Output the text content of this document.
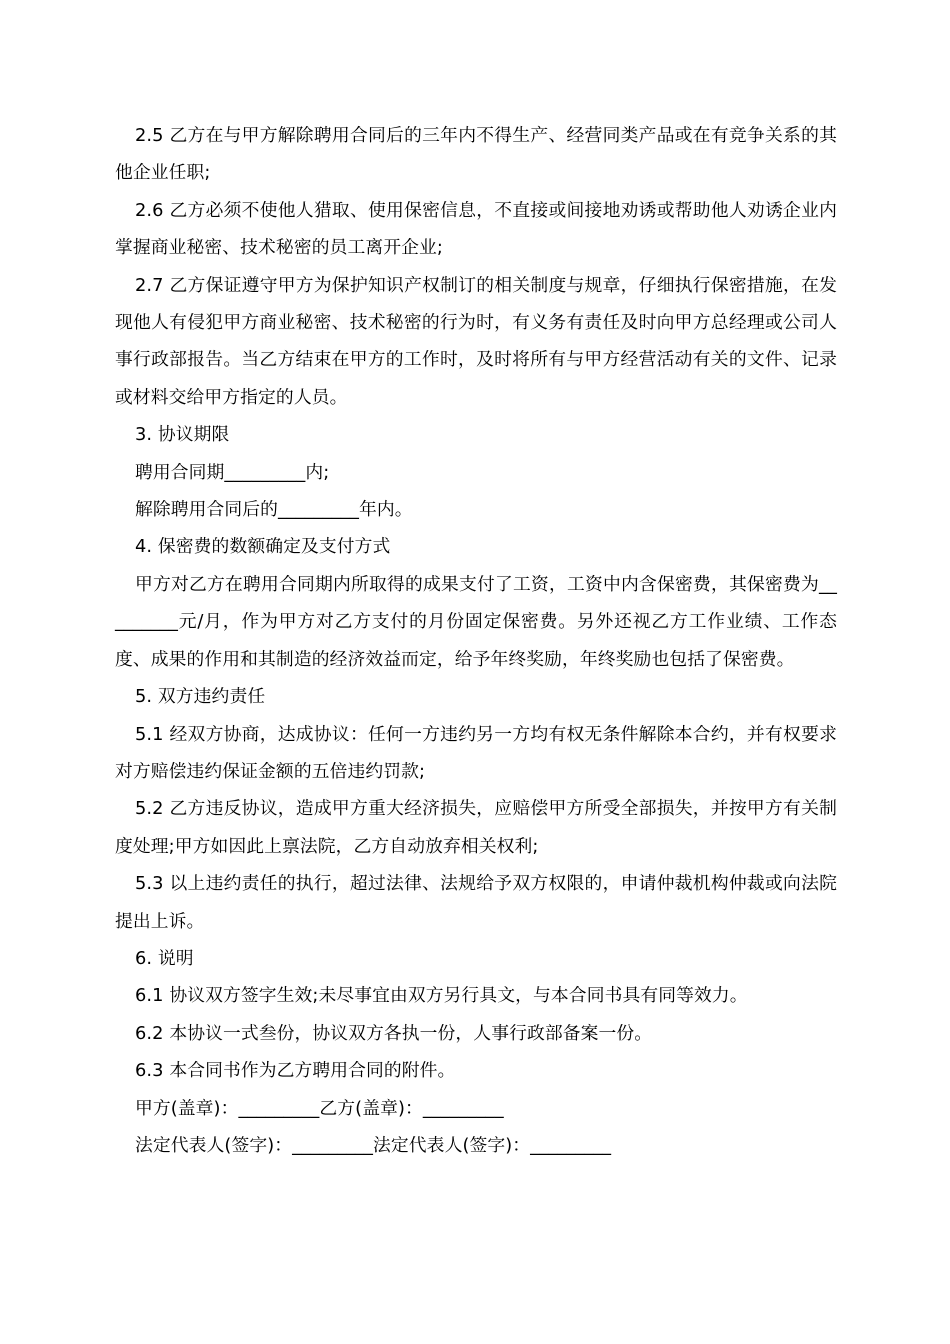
2.5 乙方在与甲方解除聘用合同后的三年内不得生产、经营同类产品或在有竞争关系的其他企业任职;

2.6 乙方必须不使他人猎取、使用保密信息，不直接或间接地劝诱或帮助他人劝诱企业内掌握商业秘密、技术秘密的员工离开企业;

2.7 乙方保证遵守甲方为保护知识产权制订的相关制度与规章，仔细执行保密措施，在发现他人有侵犯甲方商业秘密、技术秘密的行为时，有义务有责任及时向甲方总经理或公司人事行政部报告。当乙方结束在甲方的工作时，及时将所有与甲方经营活动有关的文件、记录或材料交给甲方指定的人员。

3. 协议期限

聘用合同期_________内;

解除聘用合同后的_________年内。

4. 保密费的数额确定及支付方式

甲方对乙方在聘用合同期内所取得的成果支付了工资，工资中内含保密费，其保密费为_________元/月，作为甲方对乙方支付的月份固定保密费。另外还视乙方工作业绩、工作态度、成果的作用和其制造的经济效益而定，给予年终奖励，年终奖励也包括了保密费。

5. 双方违约责任

5.1 经双方协商，达成协议：任何一方违约另一方均有权无条件解除本合约，并有权要求对方赔偿违约保证金额的五倍违约罚款;

5.2 乙方违反协议，造成甲方重大经济损失，应赔偿甲方所受全部损失，并按甲方有关制度处理;甲方如因此上禀法院，乙方自动放弃相关权利;

5.3 以上违约责任的执行，超过法律、法规给予双方权限的，申请仲裁机构仲裁或向法院提出上诉。

6. 说明

6.1 协议双方签字生效;未尽事宜由双方另行具文，与本合同书具有同等效力。

6.2 本协议一式叁份，协议双方各执一份，人事行政部备案一份。

6.3 本合同书作为乙方聘用合同的附件。

甲方(盖章)：_________乙方(盖章)：_________

法定代表人(签字)：_________法定代表人(签字)：_________
